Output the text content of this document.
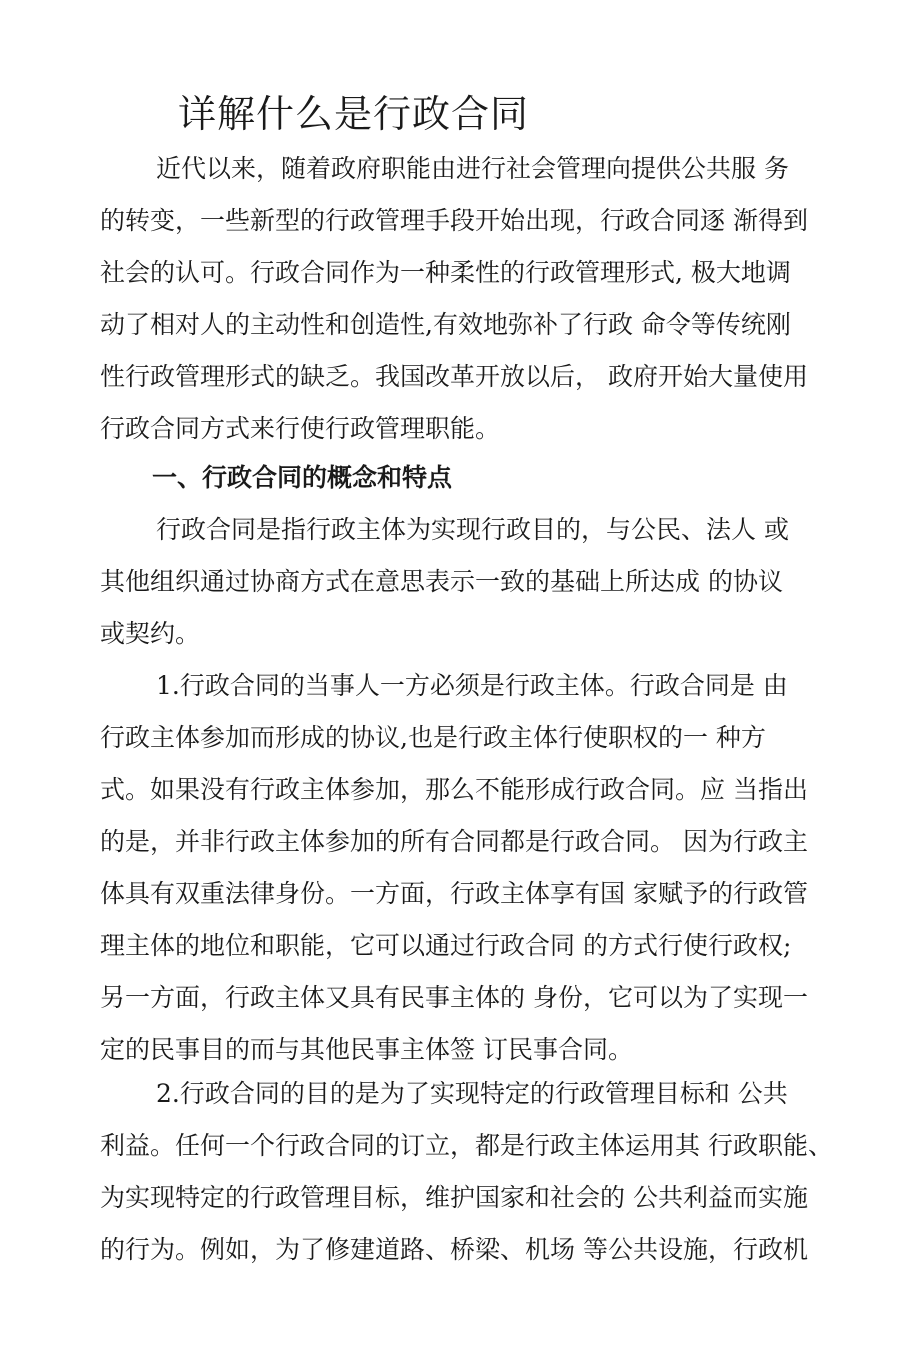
详解什么是行政合同
近代以来，随着政府职能由进行社会管理向提供公共服 务
的转变，一些新型的行政管理手段开始出现，行政合同逐 渐得到
社会的认可。行政合同作为一种柔性的行政管理形式, 极大地调
动了相对人的主动性和创造性,有效地弥补了行政 命令等传统刚
性行政管理形式的缺乏。我国改革开放以后， 政府开始大量使用
行政合同方式来行使行政管理职能。
一、行政合同的概念和特点
行政合同是指行政主体为实现行政目的，与公民、法人 或
其他组织通过协商方式在意思表示一致的基础上所达成 的协议
或契约。
1.行政合同的当事人一方必须是行政主体。行政合同是 由
行政主体参加而形成的协议,也是行政主体行使职权的一 种方
式。如果没有行政主体参加，那么不能形成行政合同。应 当指出
的是，并非行政主体参加的所有合同都是行政合同。 因为行政主
体具有双重法律身份。一方面，行政主体享有国 家赋予的行政管
理主体的地位和职能，它可以通过行政合同 的方式行使行政权;
另一方面，行政主体又具有民事主体的 身份，它可以为了实现一
定的民事目的而与其他民事主体签 订民事合同。
2.行政合同的目的是为了实现特定的行政管理目标和 公共
利益。任何一个行政合同的订立，都是行政主体运用其 行政职能、
为实现特定的行政管理目标，维护国家和社会的 公共利益而实施
的行为。例如，为了修建道路、桥梁、机场 等公共设施，行政机
